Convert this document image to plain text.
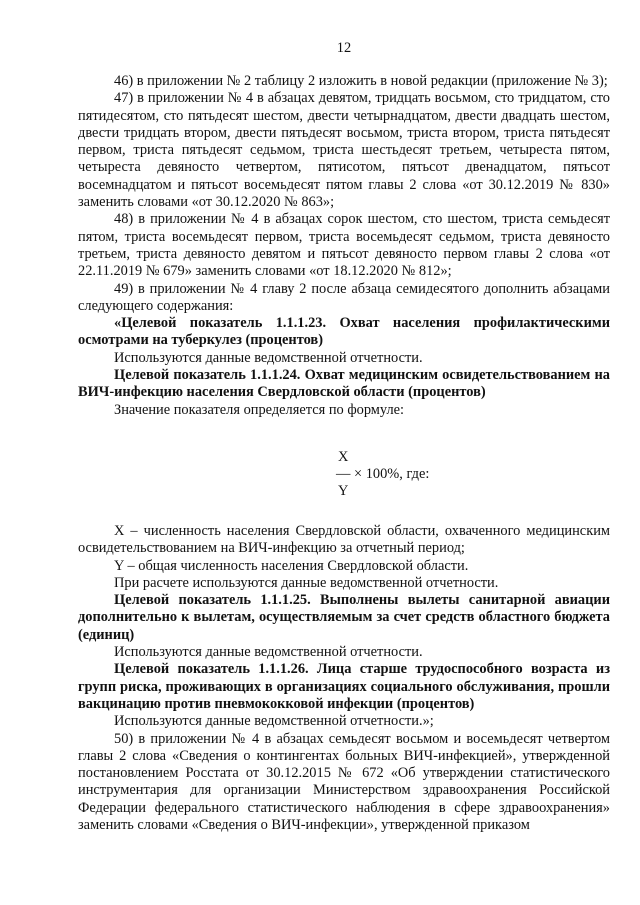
12

46) в приложении № 2 таблицу 2 изложить в новой редакции (приложение № 3);

47) в приложении № 4 в абзацах девятом, тридцать восьмом, сто тридцатом, сто пятидесятом, сто пятьдесят шестом, двести четырнадцатом, двести двадцать шестом, двести тридцать втором, двести пятьдесят восьмом, триста втором, триста пятьдесят первом, триста пятьдесят седьмом, триста шестьдесят третьем, четыреста пятом, четыреста девяносто четвертом, пятисотом, пятьсот двенадцатом, пятьсот восемнадцатом и пятьсот восемьдесят пятом главы 2 слова «от 30.12.2019 № 830» заменить словами «от 30.12.2020 № 863»;

48) в приложении № 4 в абзацах сорок шестом, сто шестом, триста семьдесят пятом, триста восемьдесят первом, триста восемьдесят седьмом, триста девяносто третьем, триста девяносто девятом и пятьсот девяносто первом главы 2 слова «от 22.11.2019 № 679» заменить словами «от 18.12.2020 № 812»;

49) в приложении № 4 главу 2 после абзаца семидесятого дополнить абзацами следующего содержания:

«Целевой показатель 1.1.1.23. Охват населения профилактическими осмотрами на туберкулез (процентов)

Используются данные ведомственной отчетности.

Целевой показатель 1.1.1.24. Охват медицинским освидетельствованием на ВИЧ-инфекцию населения Свердловской области (процентов)

Значение показателя определяется по формуле:

X
— × 100%, где:
Y

X – численность населения Свердловской области, охваченного медицинским освидетельствованием на ВИЧ-инфекцию за отчетный период;

Y – общая численность населения Свердловской области.

При расчете используются данные ведомственной отчетности.

Целевой показатель 1.1.1.25. Выполнены вылеты санитарной авиации дополнительно к вылетам, осуществляемым за счет средств областного бюджета (единиц)

Используются данные ведомственной отчетности.

Целевой показатель 1.1.1.26. Лица старше трудоспособного возраста из групп риска, проживающих в организациях социального обслуживания, прошли вакцинацию против пневмококковой инфекции (процентов)

Используются данные ведомственной отчетности.»;

50) в приложении № 4 в абзацах семьдесят восьмом и восемьдесят четвертом главы 2 слова «Сведения о контингентах больных ВИЧ-инфекцией», утвержденной постановлением Росстата от 30.12.2015 № 672 «Об утверждении статистического инструментария для организации Министерством здравоохранения Российской Федерации федерального статистического наблюдения в сфере здравоохранения» заменить словами «Сведения о ВИЧ-инфекции», утвержденной приказом
